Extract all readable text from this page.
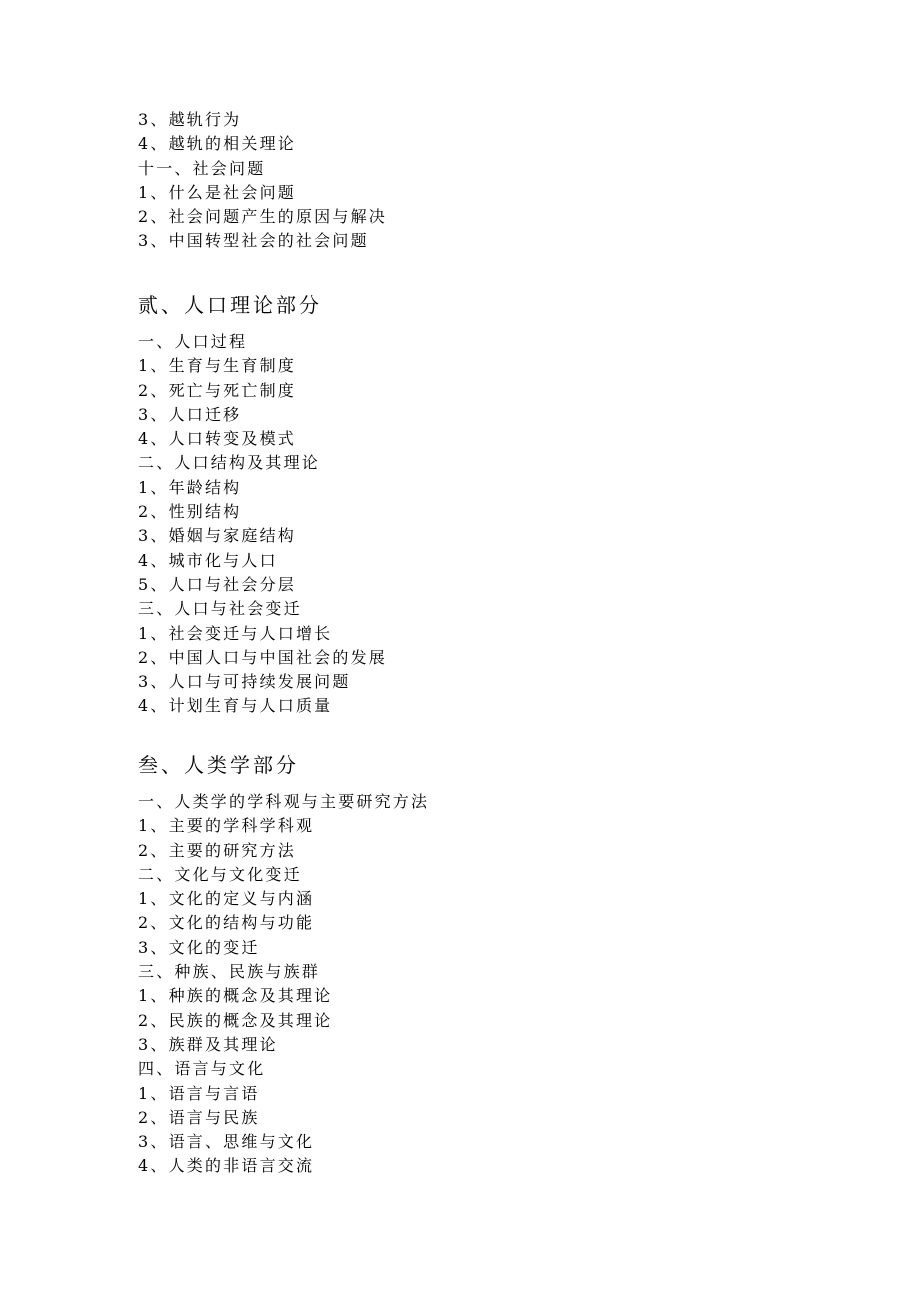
3、越轨行为
4、越轨的相关理论
十一、社会问题
1、什么是社会问题
2、社会问题产生的原因与解决
3、中国转型社会的社会问题
贰、人口理论部分
一、人口过程
1、生育与生育制度
2、死亡与死亡制度
3、人口迁移
4、人口转变及模式
二、人口结构及其理论
1、年龄结构
2、性别结构
3、婚姻与家庭结构
4、城市化与人口
5、人口与社会分层
三、人口与社会变迁
1、社会变迁与人口增长
2、中国人口与中国社会的发展
3、人口与可持续发展问题
4、计划生育与人口质量
叁、人类学部分
一、人类学的学科观与主要研究方法
1、主要的学科学科观
2、主要的研究方法
二、文化与文化变迁
1、文化的定义与内涵
2、文化的结构与功能
3、文化的变迁
三、种族、民族与族群
1、种族的概念及其理论
2、民族的概念及其理论
3、族群及其理论
四、语言与文化
1、语言与言语
2、语言与民族
3、语言、思维与文化
4、人类的非语言交流
